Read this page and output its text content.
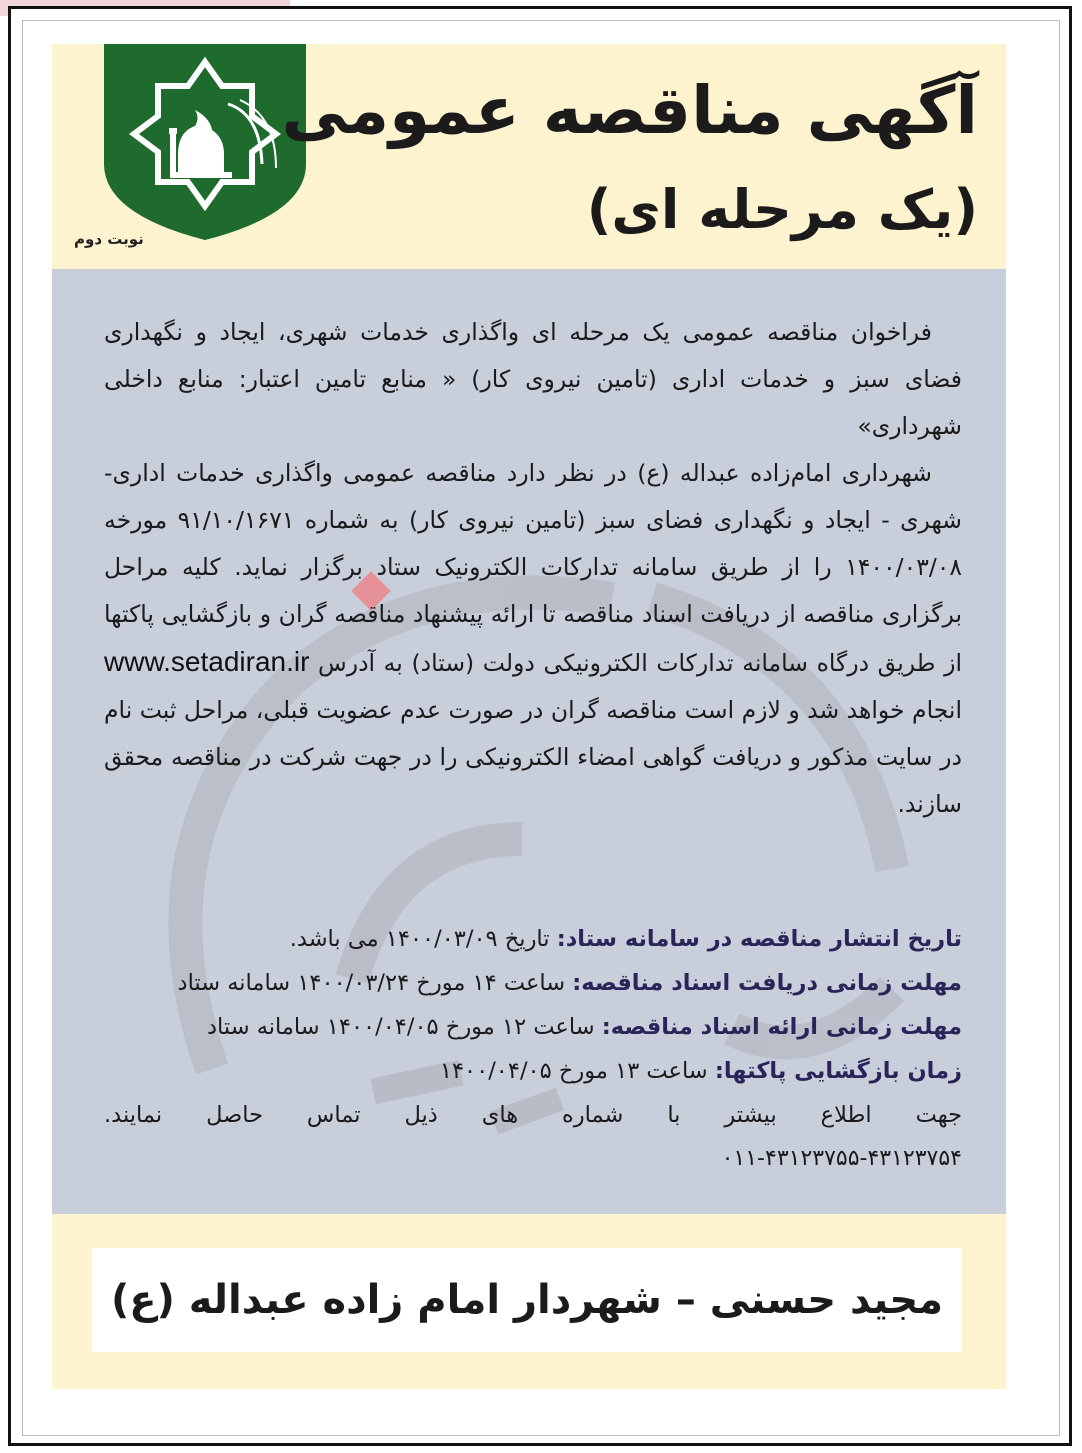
نوبت دوم
آگهی مناقصه عمومی
(یک مرحله ای)

فراخوان مناقصه عمومی یک مرحله ای واگذاری خدمات شهری، ایجاد و نگهداری فضای سبز و خدمات اداری (تامین نیروی کار) « منابع تامین اعتبار: منابع داخلی شهرداری»

شهرداری امام‌زاده عبداله (ع) در نظر دارد مناقصه عمومی واگذاری خدمات اداری- شهری - ایجاد و نگهداری فضای سبز (تامین نیروی کار) به شماره ۹۱/۱۰/۱۶۷۱ مورخه ۱۴۰۰/۰۳/۰۸ را از طریق سامانه تدارکات الکترونیک ستاد برگزار نماید. کلیه مراحل برگزاری مناقصه از دریافت اسناد مناقصه تا ارائه پیشنهاد مناقصه گران و بازگشایی پاکتها از طریق درگاه سامانه تدارکات الکترونیکی دولت (ستاد) به آدرس www.setadiran.ir انجام خواهد شد و لازم است مناقصه گران در صورت عدم عضویت قبلی، مراحل ثبت نام در سایت مذکور و دریافت گواهی امضاء الکترونیکی را در جهت شرکت در مناقصه محقق سازند.

تاریخ انتشار مناقصه در سامانه ستاد: تاریخ ۱۴۰۰/۰۳/۰۹ می باشد.
مهلت زمانی دریافت اسناد مناقصه: ساعت ۱۴ مورخ ۱۴۰۰/۰۳/۲۴ سامانه ستاد
مهلت زمانی ارائه اسناد مناقصه: ساعت ۱۲ مورخ ۱۴۰۰/۰۴/۰۵ سامانه ستاد
زمان بازگشایی پاکتها: ساعت ۱۳ مورخ ۱۴۰۰/۰۴/۰۵
جهت اطلاع بیشتر با شماره های ذیل تماس حاصل نمایند.
۰۱۱-۴۳۱۲۳۷۵۵-۴۳۱۲۳۷۵۴
مجید حسنی – شهردار امام زاده عبداله (ع)
